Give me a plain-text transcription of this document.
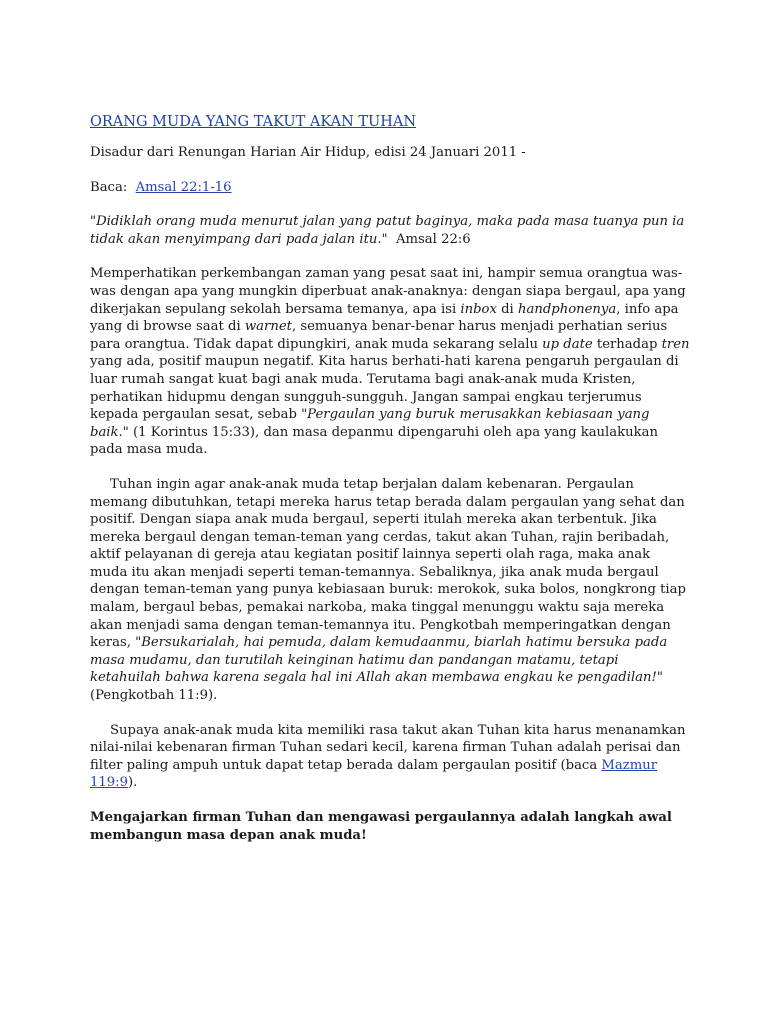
ORANG MUDA YANG TAKUT AKAN TUHAN

Disadur dari Renungan Harian Air Hidup, edisi 24 Januari 2011 -

Baca: Amsal 22:1-16

"Didiklah orang muda menurut jalan yang patut baginya, maka pada masa tuanya pun ia tidak akan menyimpang dari pada jalan itu." Amsal 22:6

Memperhatikan perkembangan zaman yang pesat saat ini, hampir semua orangtua was-was dengan apa yang mungkin diperbuat anak-anaknya: dengan siapa bergaul, apa yang dikerjakan sepulang sekolah bersama temanya, apa isi inbox di handphonenya, info apa yang di browse saat di warnet, semuanya benar-benar harus menjadi perhatian serius para orangtua. Tidak dapat dipungkiri, anak muda sekarang selalu up date terhadap tren yang ada, positif maupun negatif. Kita harus berhati-hati karena pengaruh pergaulan di luar rumah sangat kuat bagi anak muda. Terutama bagi anak-anak muda Kristen, perhatikan hidupmu dengan sungguh-sungguh. Jangan sampai engkau terjerumus kepada pergaulan sesat, sebab "Pergaulan yang buruk merusakkan kebiasaan yang baik." (1 Korintus 15:33), dan masa depanmu dipengaruhi oleh apa yang kaulakukan pada masa muda.

Tuhan ingin agar anak-anak muda tetap berjalan dalam kebenaran. Pergaulan memang dibutuhkan, tetapi mereka harus tetap berada dalam pergaulan yang sehat dan positif. Dengan siapa anak muda bergaul, seperti itulah mereka akan terbentuk. Jika mereka bergaul dengan teman-teman yang cerdas, takut akan Tuhan, rajin beribadah, aktif pelayanan di gereja atau kegiatan positif lainnya seperti olah raga, maka anak muda itu akan menjadi seperti teman-temannya. Sebaliknya, jika anak muda bergaul dengan teman-teman yang punya kebiasaan buruk: merokok, suka bolos, nongkrong tiap malam, bergaul bebas, pemakai narkoba, maka tinggal menunggu waktu saja mereka akan menjadi sama dengan teman-temannya itu. Pengkotbah memperingatkan dengan keras, "Bersukarialah, hai pemuda, dalam kemudaanmu, biarlah hatimu bersuka pada masa mudamu, dan turutilah keinginan hatimu dan pandangan matamu, tetapi ketahuilah bahwa karena segala hal ini Allah akan membawa engkau ke pengadilan!" (Pengkotbah 11:9).

Supaya anak-anak muda kita memiliki rasa takut akan Tuhan kita harus menanamkan nilai-nilai kebenaran firman Tuhan sedari kecil, karena firman Tuhan adalah perisai dan filter paling ampuh untuk dapat tetap berada dalam pergaulan positif (baca Mazmur 119:9).

Mengajarkan firman Tuhan dan mengawasi pergaulannya adalah langkah awal membangun masa depan anak muda!
